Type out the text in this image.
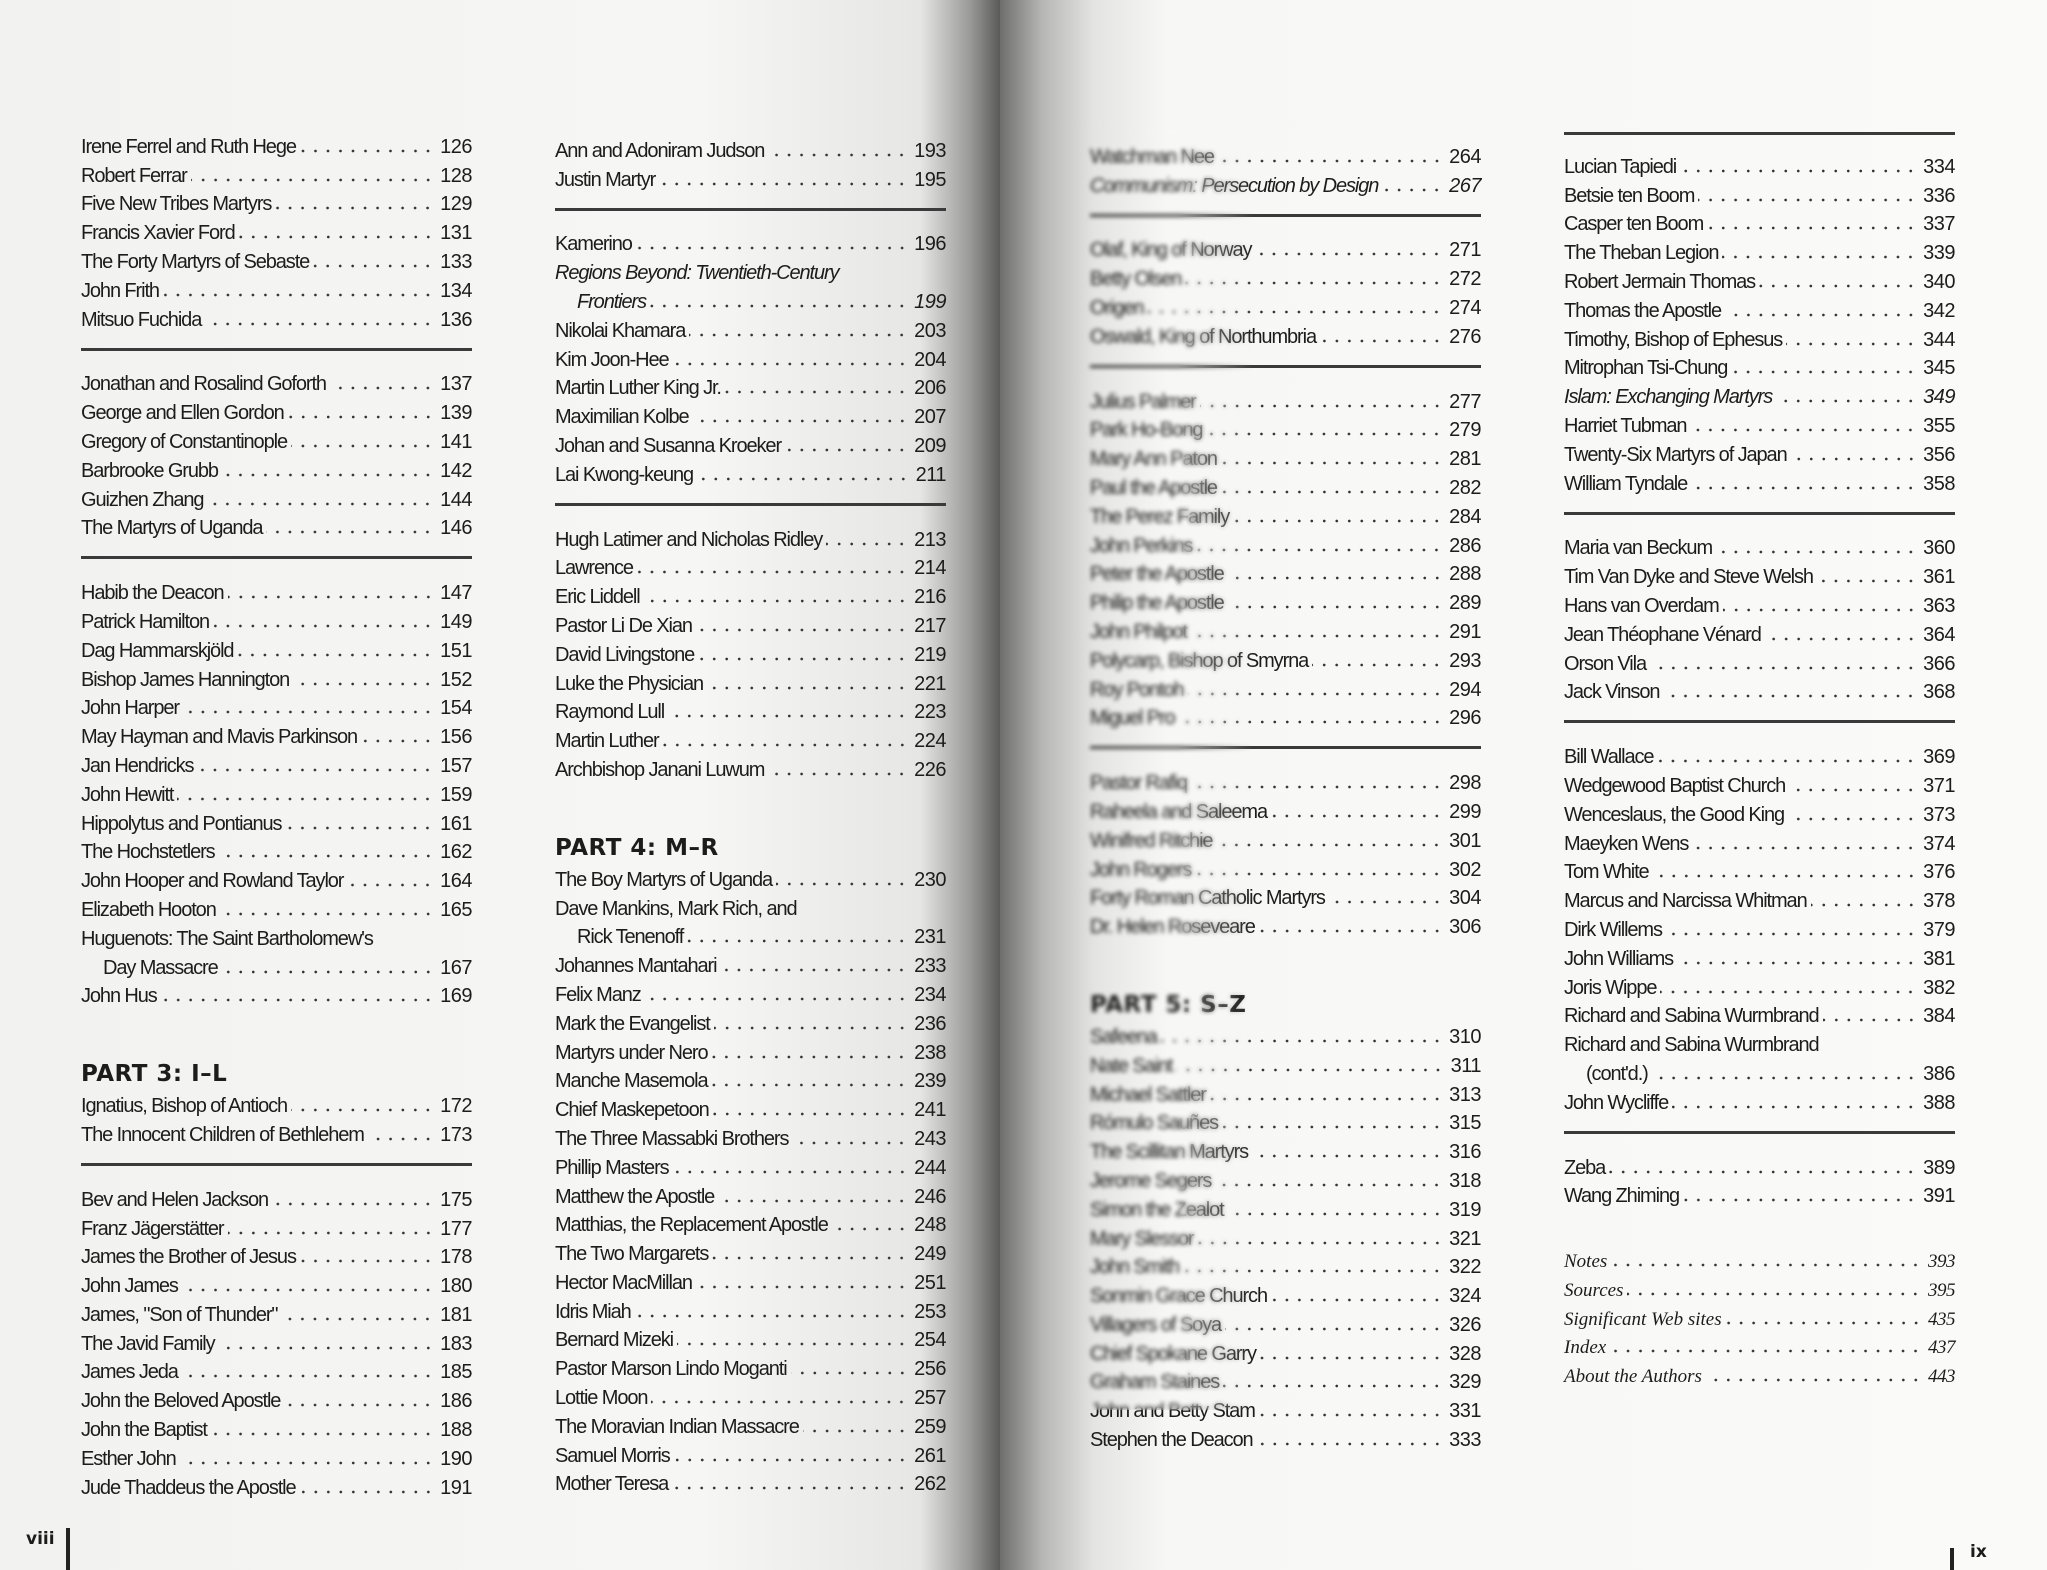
Irene Ferrel and Ruth Hege	126
Robert Ferrar	128
Five New Tribes Martyrs	129
Francis Xavier Ford	131
The Forty Martyrs of Sebaste	133
John Frith	134
Mitsuo Fuchida	136
Jonathan and Rosalind Goforth	137
George and Ellen Gordon	139
Gregory of Constantinople	141
Barbrooke Grubb	142
Guizhen Zhang	144
The Martyrs of Uganda	146
Habib the Deacon	147
Patrick Hamilton	149
Dag Hammarskjöld	151
Bishop James Hannington	152
John Harper	154
May Hayman and Mavis Parkinson	156
Jan Hendricks	157
John Hewitt	159
Hippolytus and Pontianus	161
The Hochstetlers	162
John Hooper and Rowland Taylor	164
Elizabeth Hooton	165
Huguenots: The Saint Bartholomew's
Day Massacre	167
John Hus	169
PART 3: I–L
Ignatius, Bishop of Antioch	172
The Innocent Children of Bethlehem	173
Bev and Helen Jackson	175
Franz Jägerstätter	177
James the Brother of Jesus	178
John James	180
James, "Son of Thunder"	181
The Javid Family	183
James Jeda	185
John the Beloved Apostle	186
John the Baptist	188
Esther John	190
Jude Thaddeus the Apostle	191
Ann and Adoniram Judson	193
Justin Martyr	195
Kamerino	196
Regions Beyond: Twentieth-Century
Frontiers	199
Nikolai Khamara	203
Kim Joon-Hee	204
Martin Luther King Jr.	206
Maximilian Kolbe	207
Johan and Susanna Kroeker	209
Lai Kwong-keung	211
Hugh Latimer and Nicholas Ridley	213
Lawrence	214
Eric Liddell	216
Pastor Li De Xian	217
David Livingstone	219
Luke the Physician	221
Raymond Lull	223
Martin Luther	224
Archbishop Janani Luwum	226
PART 4: M–R
The Boy Martyrs of Uganda	230
Dave Mankins, Mark Rich, and
Rick Tenenoff	231
Johannes Mantahari	233
Felix Manz	234
Mark the Evangelist	236
Martyrs under Nero	238
Manche Masemola	239
Chief Maskepetoon	241
The Three Massabki Brothers	243
Phillip Masters	244
Matthew the Apostle	246
Matthias, the Replacement Apostle	248
The Two Margarets	249
Hector MacMillan	251
Idris Miah	253
Bernard Mizeki	254
Pastor Marson Lindo Moganti	256
Lottie Moon	257
The Moravian Indian Massacre	259
Samuel Morris	261
Mother Teresa	262
Watchman Nee	264
Communism: Persecution by Design	267
Olaf, King of Norway	271
Betty Olsen	272
Origen	274
Oswald, King of Northumbria	276
Julius Palmer	277
Park Ho-Bong	279
Mary Ann Paton	281
Paul the Apostle	282
The Perez Family	284
John Perkins	286
Peter the Apostle	288
Philip the Apostle	289
John Philpot	291
Polycarp, Bishop of Smyrna	293
Roy Pontoh	294
Miguel Pro	296
Pastor Rafiq	298
Raheela and Saleema	299
Winifred Ritchie	301
John Rogers	302
Forty Roman Catholic Martyrs	304
Dr. Helen Roseveare	306
PART 5: S–Z
Safeena	310
Nate Saint	311
Michael Sattler	313
Rómulo Sauñes	315
The Scillitan Martyrs	316
Jerome Segers	318
Simon the Zealot	319
Mary Slessor	321
John Smith	322
Sonmin Grace Church	324
Villagers of Soya	326
Chief Spokane Garry	328
Graham Staines	329
John and Betty Stam	331
Stephen the Deacon	333
Lucian Tapiedi	334
Betsie ten Boom	336
Casper ten Boom	337
The Theban Legion	339
Robert Jermain Thomas	340
Thomas the Apostle	342
Timothy, Bishop of Ephesus	344
Mitrophan Tsi-Chung	345
Islam: Exchanging Martyrs	349
Harriet Tubman	355
Twenty-Six Martyrs of Japan	356
William Tyndale	358
Maria van Beckum	360
Tim Van Dyke and Steve Welsh	361
Hans van Overdam	363
Jean Théophane Vénard	364
Orson Vila	366
Jack Vinson	368
Bill Wallace	369
Wedgewood Baptist Church	371
Wenceslaus, the Good King	373
Maeyken Wens	374
Tom White	376
Marcus and Narcissa Whitman	378
Dirk Willems	379
John Williams	381
Joris Wippe	382
Richard and Sabina Wurmbrand	384
Richard and Sabina Wurmbrand
(cont'd.)	386
John Wycliffe	388
Zeba	389
Wang Zhiming	391
Notes	393
Sources	395
Significant Web sites	435
Index	437
About the Authors	443
viii
ix
